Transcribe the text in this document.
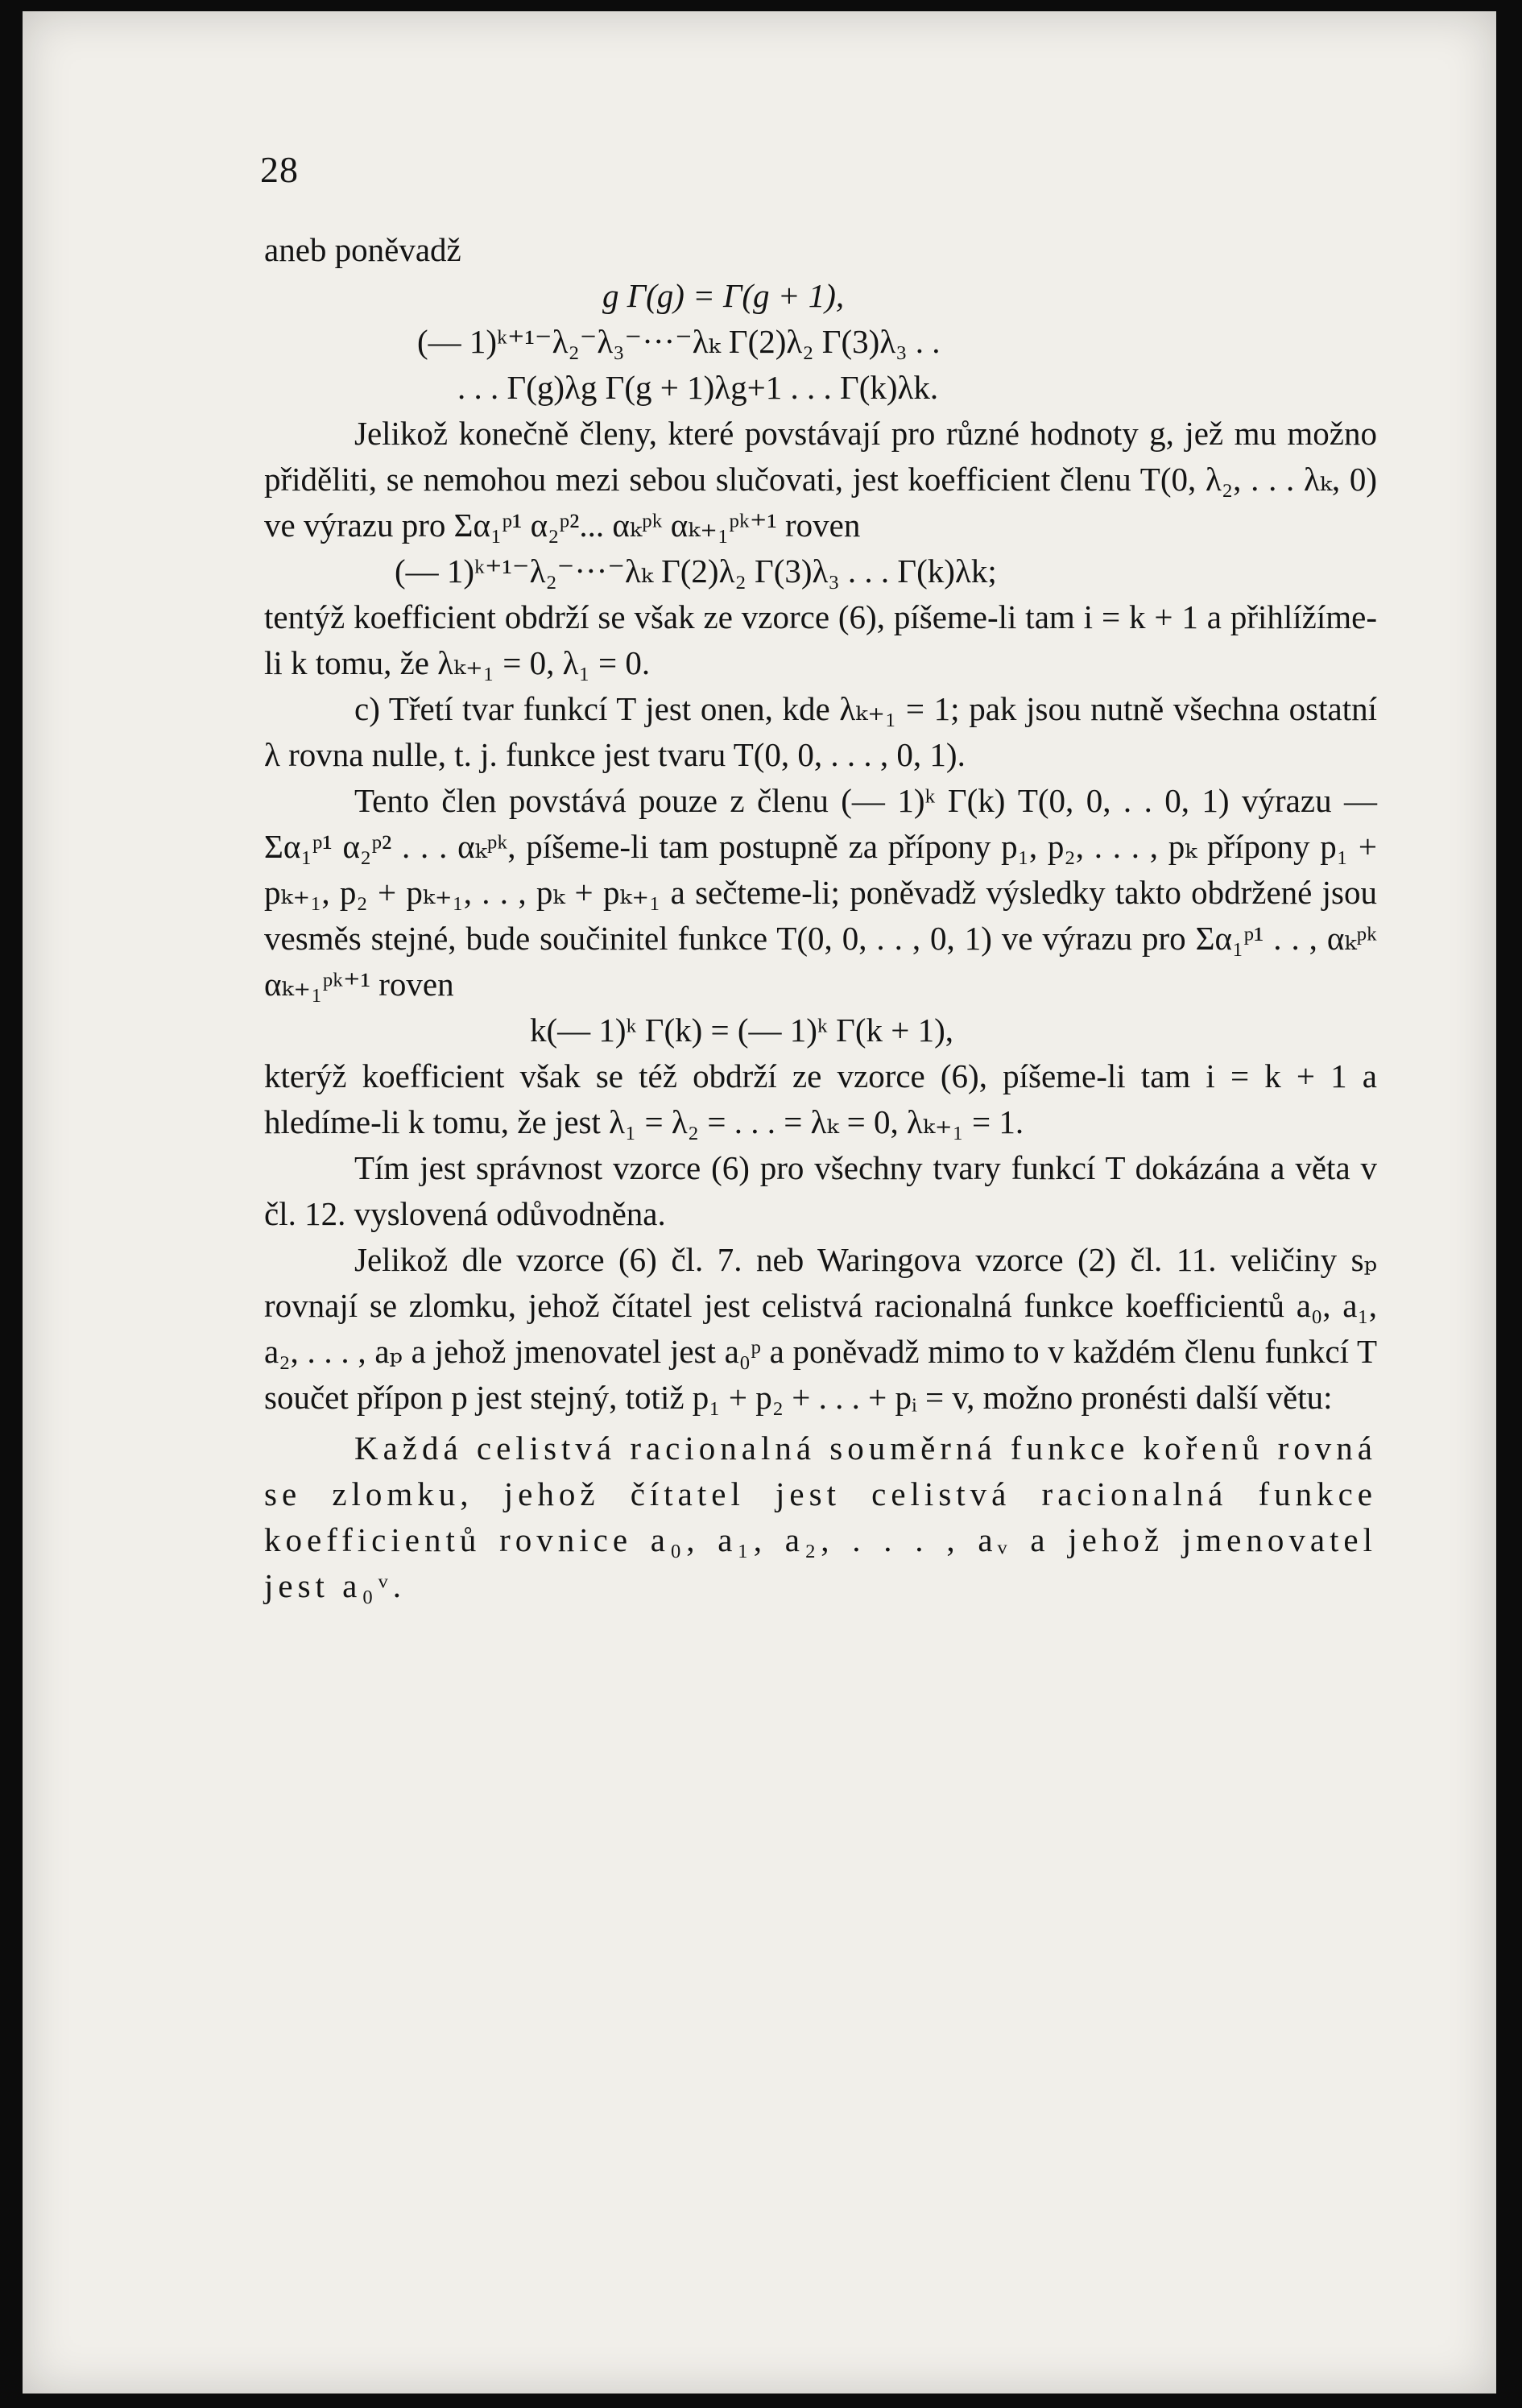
28

aneb poněvadž

g Γ(g) = Γ(g + 1),

(— 1)ᵏ⁺¹⁻λ₂⁻λ₃⁻···⁻λₖ Γ(2)λ₂ Γ(3)λ₃ . .

. . . Γ(g)λg Γ(g + 1)λg+1 . . . Γ(k)λk.

Jelikož konečně členy, které povstávají pro různé hodnoty g, jež mu možno přiděliti, se nemohou mezi sebou slučovati, jest koefficient členu T(0, λ₂, . . . λₖ, 0) ve výrazu pro Σα₁ᵖ¹ α₂ᵖ²... αₖᵖᵏ αₖ₊₁ᵖᵏ⁺¹ roven

(— 1)ᵏ⁺¹⁻λ₂⁻···⁻λₖ Γ(2)λ₂ Γ(3)λ₃ . . . Γ(k)λk;

tentýž koefficient obdrží se však ze vzorce (6), píšeme-li tam i = k + 1 a přihlížíme-li k tomu, že λₖ₊₁ = 0, λ₁ = 0.

c) Třetí tvar funkcí T jest onen, kde λₖ₊₁ = 1; pak jsou nutně všechna ostatní λ rovna nulle, t. j. funkce jest tvaru T(0, 0, . . . , 0, 1).

Tento člen povstává pouze z členu (— 1)ᵏ Γ(k) T(0, 0, . . 0, 1) výrazu — Σα₁ᵖ¹ α₂ᵖ² . . . αₖᵖᵏ, píšeme-li tam postupně za přípony p₁, p₂, . . . , pₖ přípony p₁ + pₖ₊₁, p₂ + pₖ₊₁, . . , pₖ + pₖ₊₁ a sečteme-li; poněvadž výsledky takto obdržené jsou vesměs stejné, bude součinitel funkce T(0, 0, . . , 0, 1) ve výrazu pro Σα₁ᵖ¹ . . , αₖᵖᵏ αₖ₊₁ᵖᵏ⁺¹ roven

k(— 1)ᵏ Γ(k) = (— 1)ᵏ Γ(k + 1),

kterýž koefficient však se též obdrží ze vzorce (6), píšeme-li tam i = k + 1 a hledíme-li k tomu, že jest λ₁ = λ₂ = . . . = λₖ = 0, λₖ₊₁ = 1.

Tím jest správnost vzorce (6) pro všechny tvary funkcí T dokázána a věta v čl. 12. vyslovená odůvodněna.

Jelikož dle vzorce (6) čl. 7. neb Waringova vzorce (2) čl. 11. veličiny sₚ rovnají se zlomku, jehož čítatel jest celistvá racionalná funkce koefficientů a₀, a₁, a₂, . . . , aₚ a jehož jmenovatel jest a₀ᵖ a poněvadž mimo to v každém členu funkcí T součet přípon p jest stejný, totiž p₁ + p₂ + . . . + pᵢ = v, možno pronésti další větu:

Každá celistvá racionalná souměrná funkce kořenů rovná se zlomku, jehož čítatel jest celistvá racionalná funkce koefficientů rovnice a₀, a₁, a₂, . . . , aᵥ a jehož jmenovatel jest a₀ᵛ.
